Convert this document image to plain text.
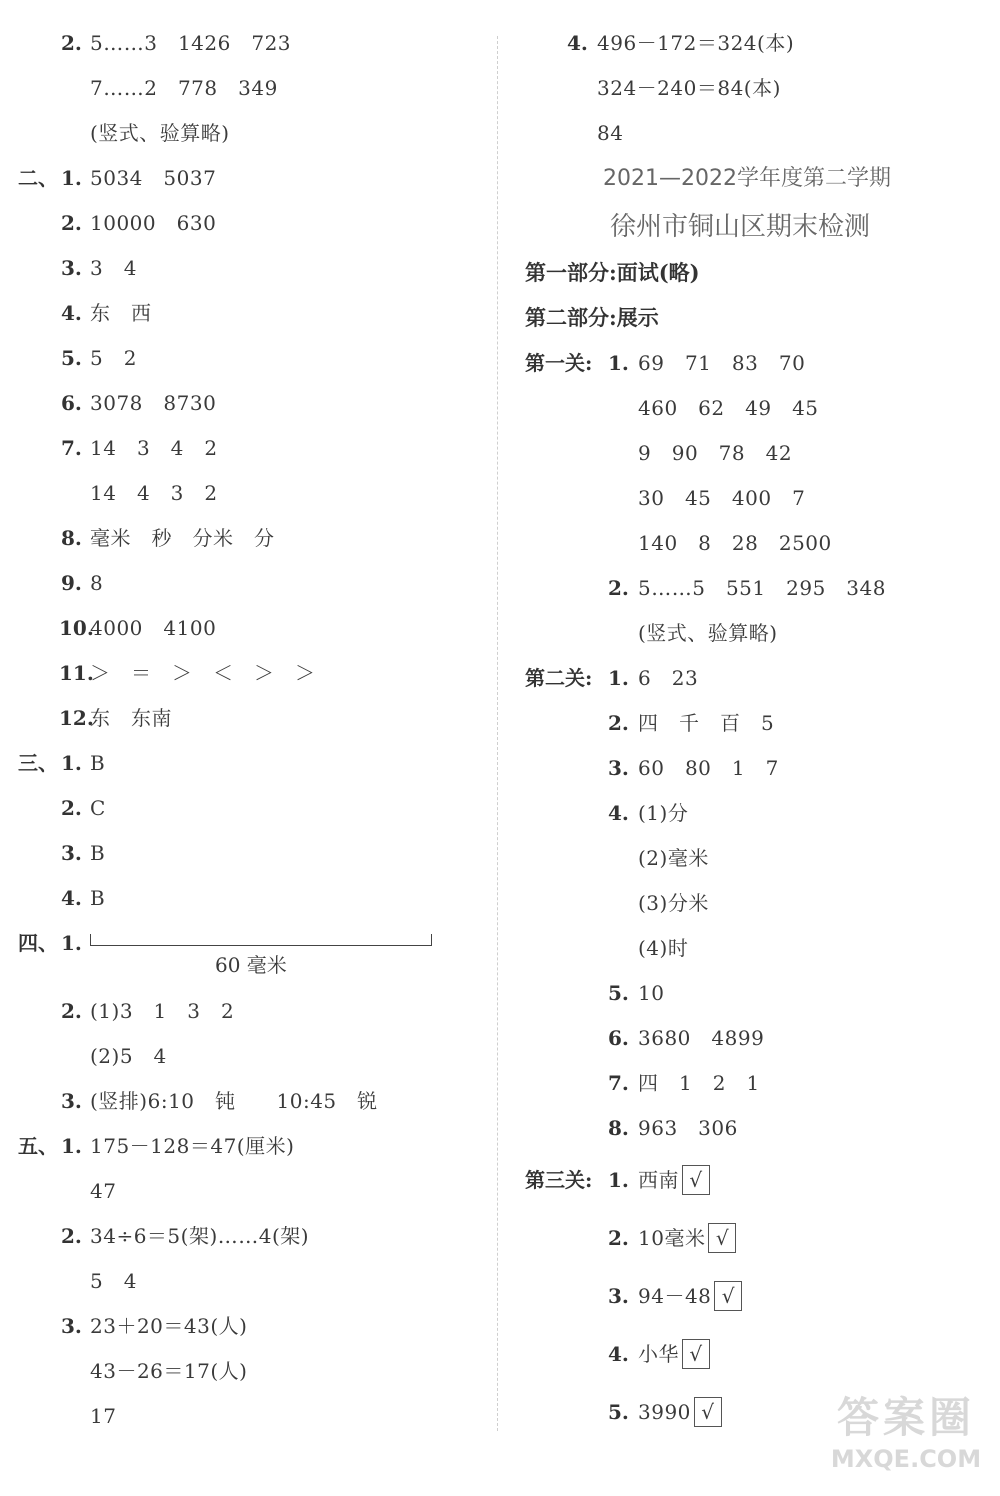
2. 5……3　1426　723
7……2　778　349
(竖式、验算略)
二、 1. 5034　5037
2. 10000　630
3. 3　4
4. 东　西
5. 5　2
6. 3078　8730
7. 14　3　4　2
14　4　3　2
8. 毫米　秒　分米　分
9. 8
10.
4000　4100
11.
＞　＝　＞　＜　＞　＞
12.
东　东南
三、 1. B
2. C
3. B
4. B
四、 1.
2. (1)3　1　3　2
(2)5　4
3. (竖排)6:10　钝　　10:45　锐
五、 1. 175－128＝47(厘米)
47
2. 34÷6＝5(架)……4(架)
5　4
3. 23＋20＝43(人)
43－26＝17(人)
17
4. 496－172＝324(本)
324－240＝84(本)
84
第一关: 1. 69　71　83　70
460　62　49　45
9　90　78　42
30　45　400　7
140　8　28　2500
2. 5……5　551　295　348
(竖式、验算略)
第二关: 1. 6　23
2. 四　千　百　5
3. 60　80　1　7
4. (1)分
(2)毫米
(3)分米
(4)时
5. 10
6. 3680　4899
7. 四　1　2　1
8. 963　306
第三关: 1. 西南 √
2. 10毫米 √
3. 94－48 √
4. 小华 √
5. 3990 √
60 毫米
2021—2022学年度第二学期
徐州市铜山区期末检测
第一部分:面试(略)
第二部分:展示
答案圈
MXQE.COM
